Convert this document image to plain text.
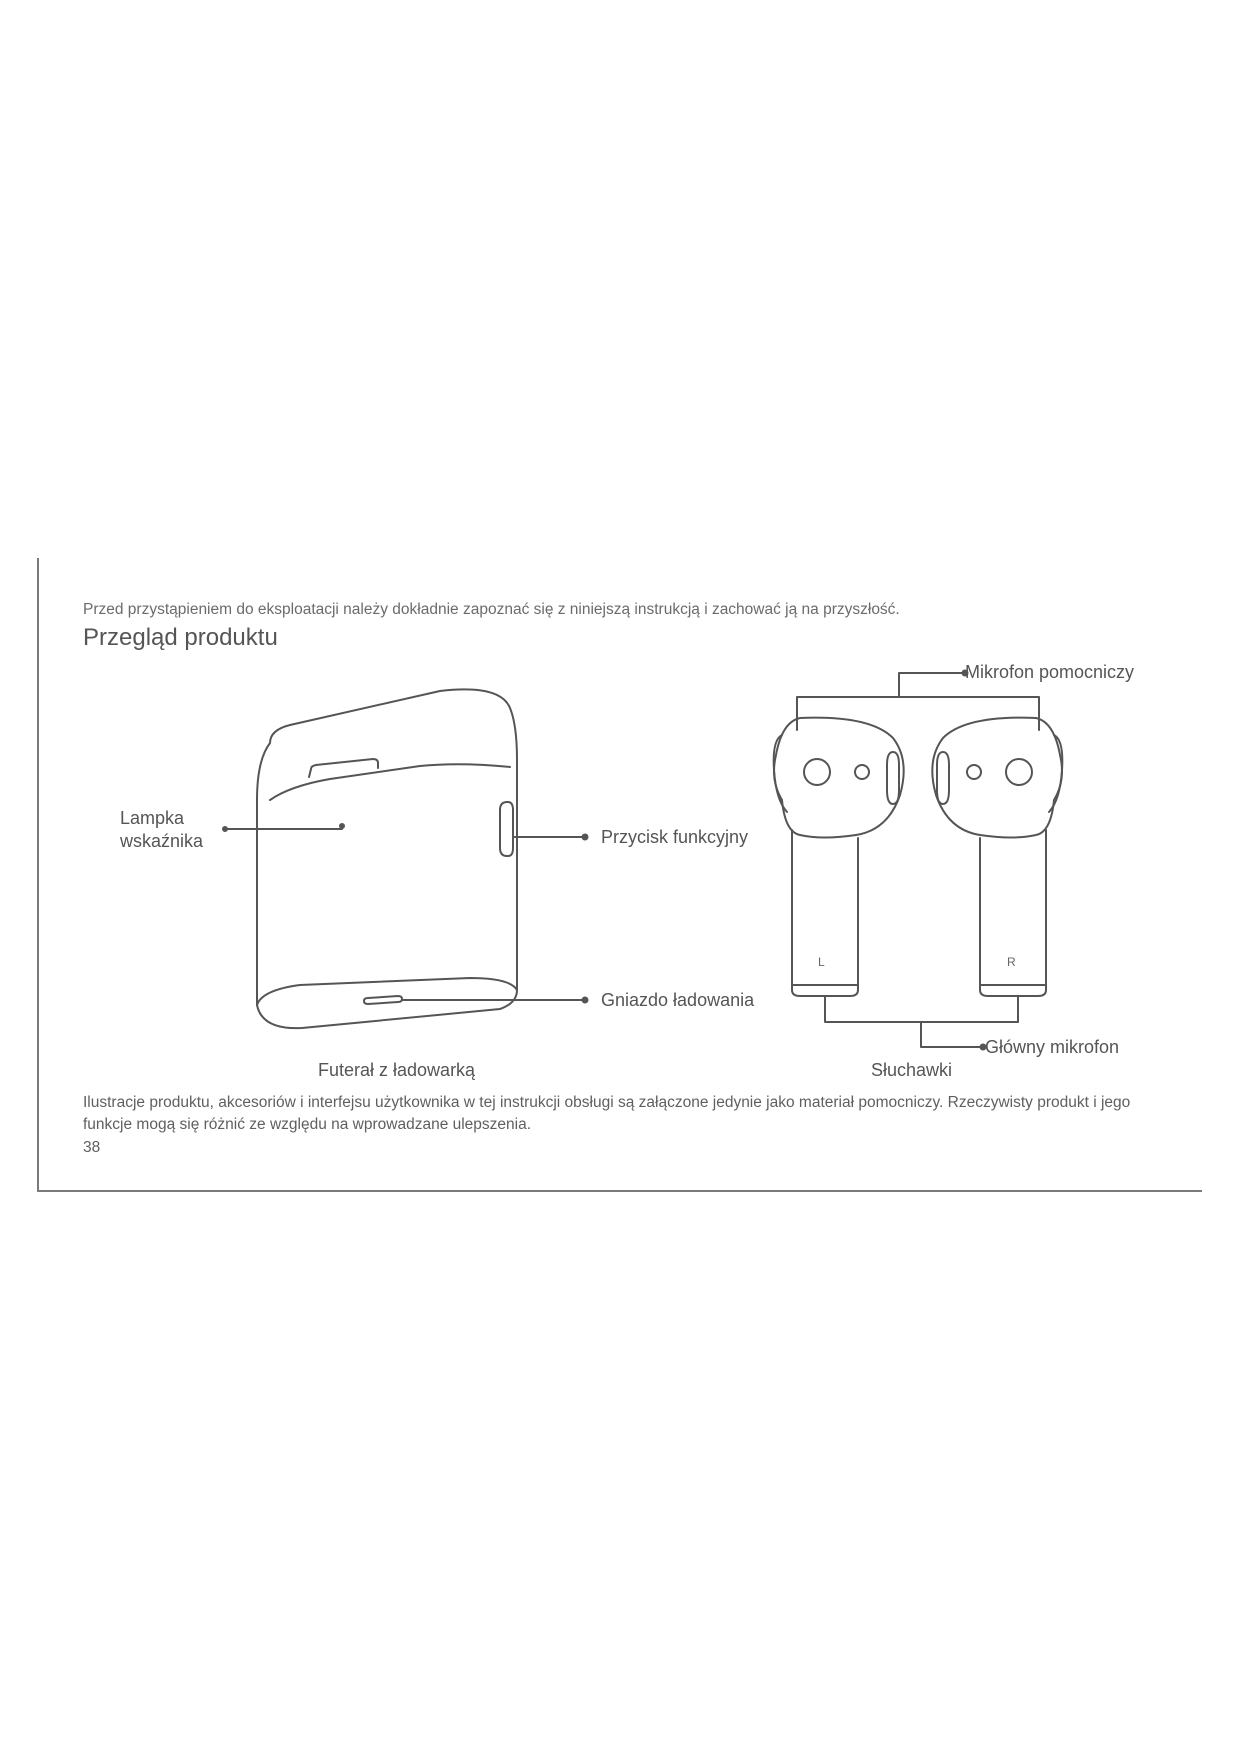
Przed przystąpieniem do eksploatacji należy dokładnie zapoznać się z niniejszą instrukcją i zachować ją na przyszłość.
Przegląd produktu
Lampka
wskaźnika	Przycisk funkcyjny
Gniazdo ładowania
Futerał z ładowarką
Mikrofon pomocniczy
Główny mikrofon
Słuchawki
L	R
Ilustracje produktu, akcesoriów i interfejsu użytkownika w tej instrukcji obsługi są załączone jedynie jako materiał pomocniczy. Rzeczywisty produkt i jego funkcje mogą się różnić ze względu na wprowadzane ulepszenia.
38
